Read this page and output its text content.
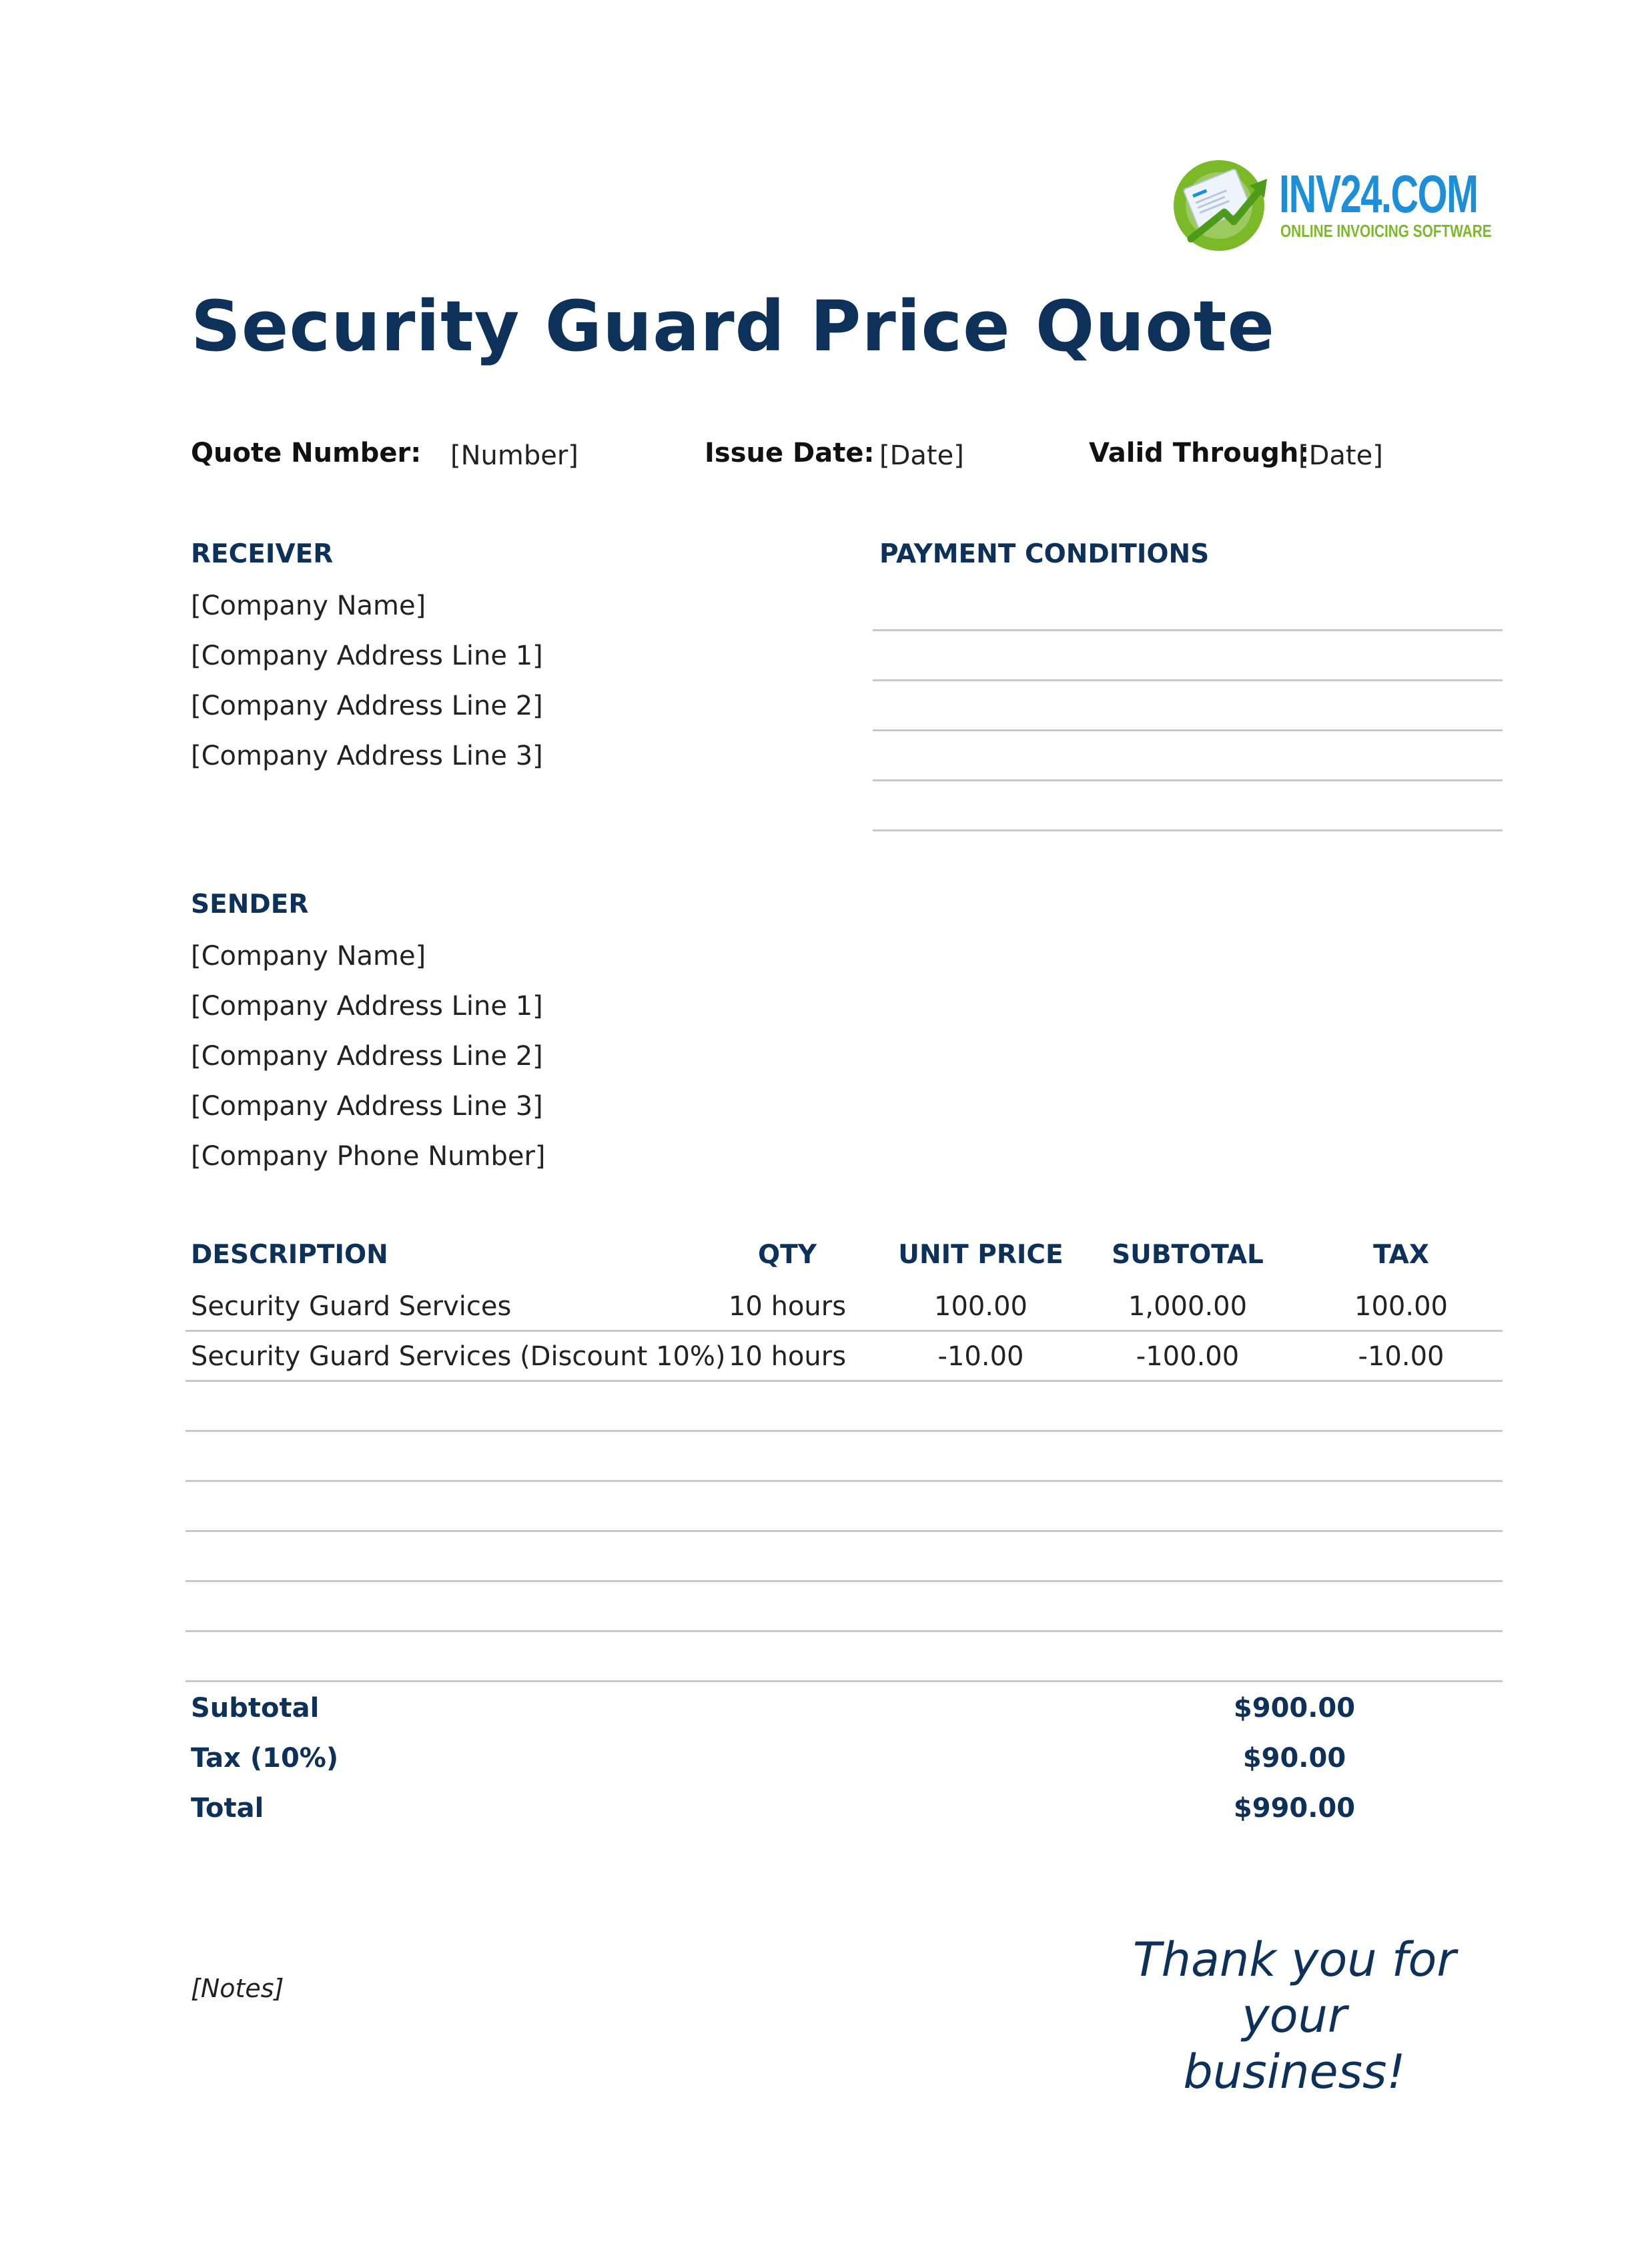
INV24.COM
ONLINE INVOICING SOFTWARE
Security Guard Price Quote
Quote Number: [Number]	Issue Date: [Date]	Valid Through:
[Date]
RECEIVER
[Company Name]
[Company Address Line 1]
[Company Address Line 2]
[Company Address Line 3]
PAYMENT CONDITIONS
SENDER
[Company Name]
[Company Address Line 1]
[Company Address Line 2]
[Company Address Line 3]
[Company Phone Number]
DESCRIPTION	QTY	UNIT PRICE	SUBTOTAL	TAX
Security Guard Services	10 hours	100.00	1,000.00	100.00
Security Guard Services (Discount 10%) 10 hours	-10.00	-100.00	-10.00
Subtotal	$900.00
Tax (10%)	$90.00
Total	$990.00
[Notes]
Thank you for your
business!
